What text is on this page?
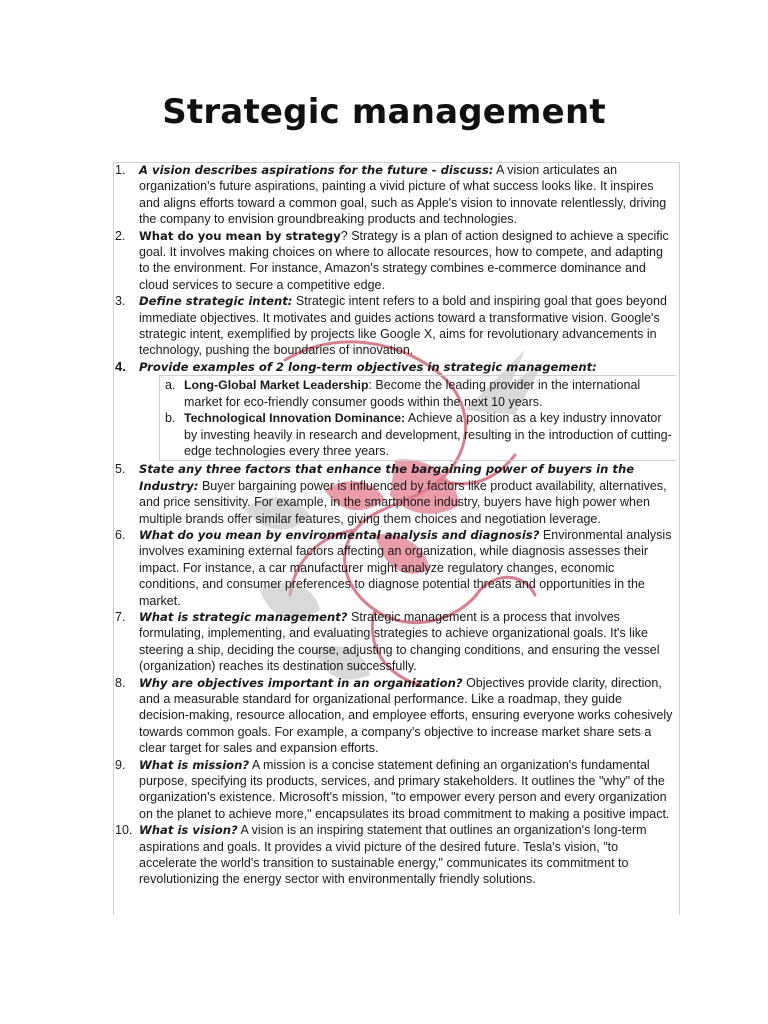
Strategic management
1.	A vision describes aspirations for the future - discuss: A vision articulates an organization's future aspirations, painting a vivid picture of what success looks like. It inspires and aligns efforts toward a common goal, such as Apple's vision to innovate relentlessly, driving the company to envision groundbreaking products and technologies.
2.	What do you mean by strategy? Strategy is a plan of action designed to achieve a specific goal. It involves making choices on where to allocate resources, how to compete, and adapting to the environment. For instance, Amazon's strategy combines e-commerce dominance and cloud services to secure a competitive edge.
3.	Define strategic intent: Strategic intent refers to a bold and inspiring goal that goes beyond immediate objectives. It motivates and guides actions toward a transformative vision. Google's strategic intent, exemplified by projects like Google X, aims for revolutionary advancements in technology, pushing the boundaries of innovation.
4.	Provide examples of 2 long-term objectives in strategic management:
a. Long-Global Market Leadership: Become the leading provider in the international market for eco-friendly consumer goods within the next 10 years.
b. Technological Innovation Dominance: Achieve a position as a key industry innovator by investing heavily in research and development, resulting in the introduction of cutting-edge technologies every three years.
5.	State any three factors that enhance the bargaining power of buyers in the Industry: Buyer bargaining power is influenced by factors like product availability, alternatives, and price sensitivity. For example, in the smartphone industry, buyers have high power when multiple brands offer similar features, giving them choices and negotiation leverage.
6.	What do you mean by environmental analysis and diagnosis? Environmental analysis involves examining external factors affecting an organization, while diagnosis assesses their impact. For instance, a car manufacturer might analyze regulatory changes, economic conditions, and consumer preferences to diagnose potential threats and opportunities in the market.
7.	What is strategic management? Strategic management is a process that involves formulating, implementing, and evaluating strategies to achieve organizational goals. It's like steering a ship, deciding the course, adjusting to changing conditions, and ensuring the vessel (organization) reaches its destination successfully.
8.	Why are objectives important in an organization? Objectives provide clarity, direction, and a measurable standard for organizational performance. Like a roadmap, they guide decision-making, resource allocation, and employee efforts, ensuring everyone works cohesively towards common goals. For example, a company's objective to increase market share sets a clear target for sales and expansion efforts.
9.	What is mission? A mission is a concise statement defining an organization's fundamental purpose, specifying its products, services, and primary stakeholders. It outlines the "why" of the organization's existence. Microsoft's mission, "to empower every person and every organization on the planet to achieve more," encapsulates its broad commitment to making a positive impact.
10. What is vision? A vision is an inspiring statement that outlines an organization's long-term aspirations and goals. It provides a vivid picture of the desired future. Tesla's vision, "to accelerate the world's transition to sustainable energy," communicates its commitment to revolutionizing the energy sector with environmentally friendly solutions.
